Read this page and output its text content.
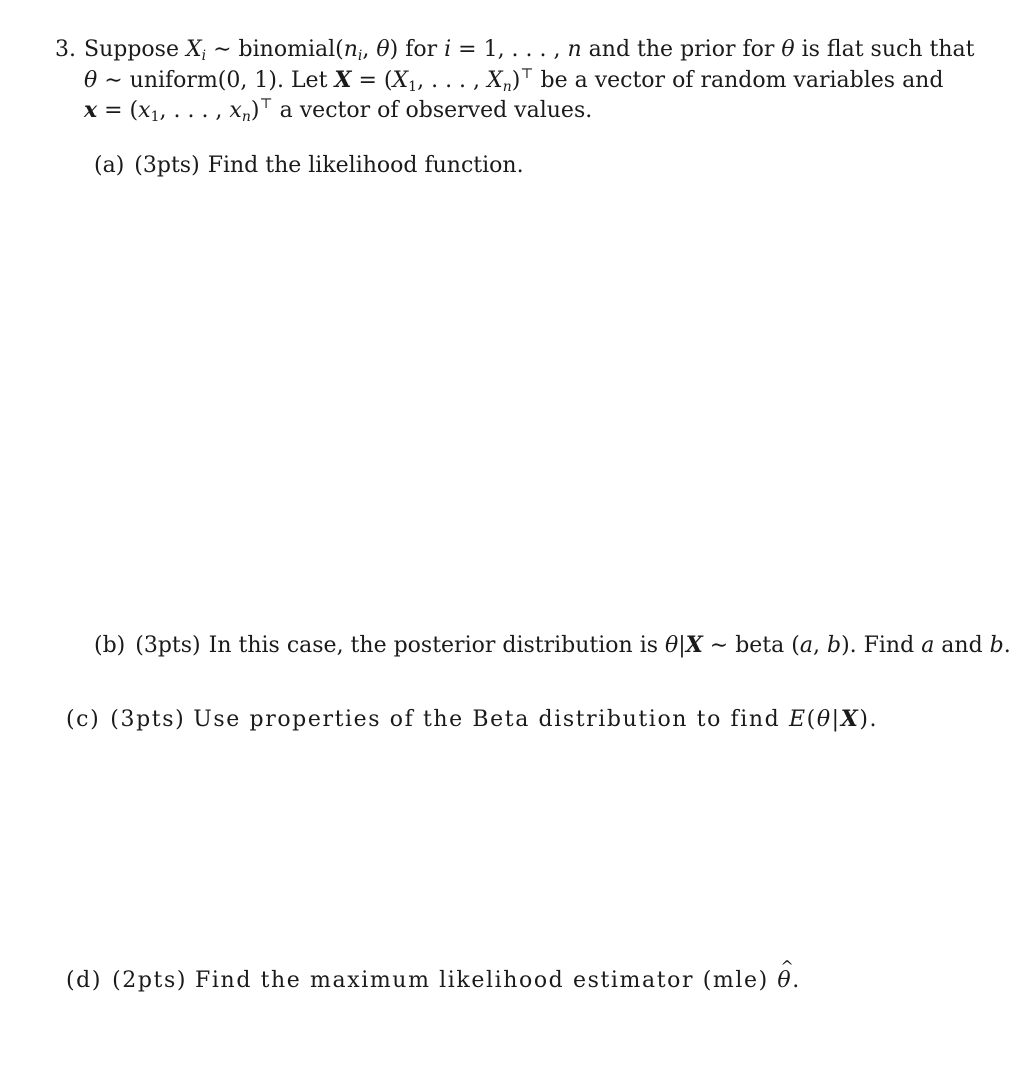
3. Suppose $X_i$ ∼ $binomial(n_i$, θ) for i = 1, . . . , n and the prior for θ is flat such that
θ ∼ uniform(0, 1). Let $X = (X_1$, . . . , $X_n)^⊤$ be a vector of random variables and
$x = (x_1$, . . . , $x_n)^⊤$ a vector of observed values.
(a) (3pts) Find the likelihood function.
(b) (3pts) In this case, the posterior distribution is θ|X ∼ beta (a, b). Find a and b.
(c) (3pts) Use properties of the Beta distribution to find E(θ|X).
(d) (2pts) Find the maximum likelihood estimator (mle) ^ θ.
